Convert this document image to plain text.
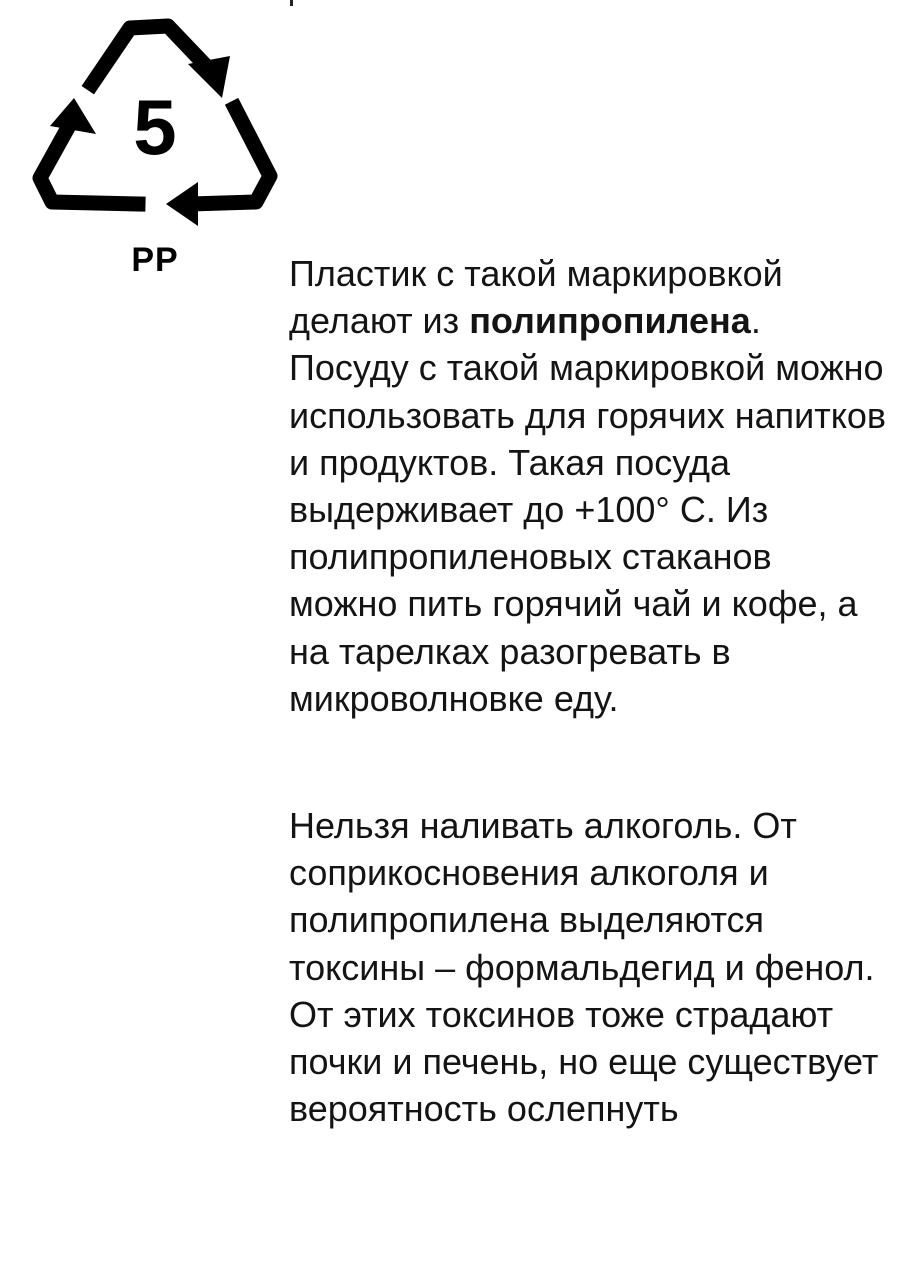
5
PP	Пластик с такой маркировкой делают из полипропилена. Посуду с такой маркировкой можно использовать для горячих напитков и продуктов. Такая посуда выдерживает до +100° С. Из полипропиленовых стаканов можно пить горячий чай и кофе, а на тарелках разогревать в микроволновке еду.

Нельзя наливать алкоголь. От соприкосновения алкоголя и полипропилена выделяются токсины – формальдегид и фенол. От этих токсинов тоже страдают почки и печень, но еще существует вероятность ослепнуть
